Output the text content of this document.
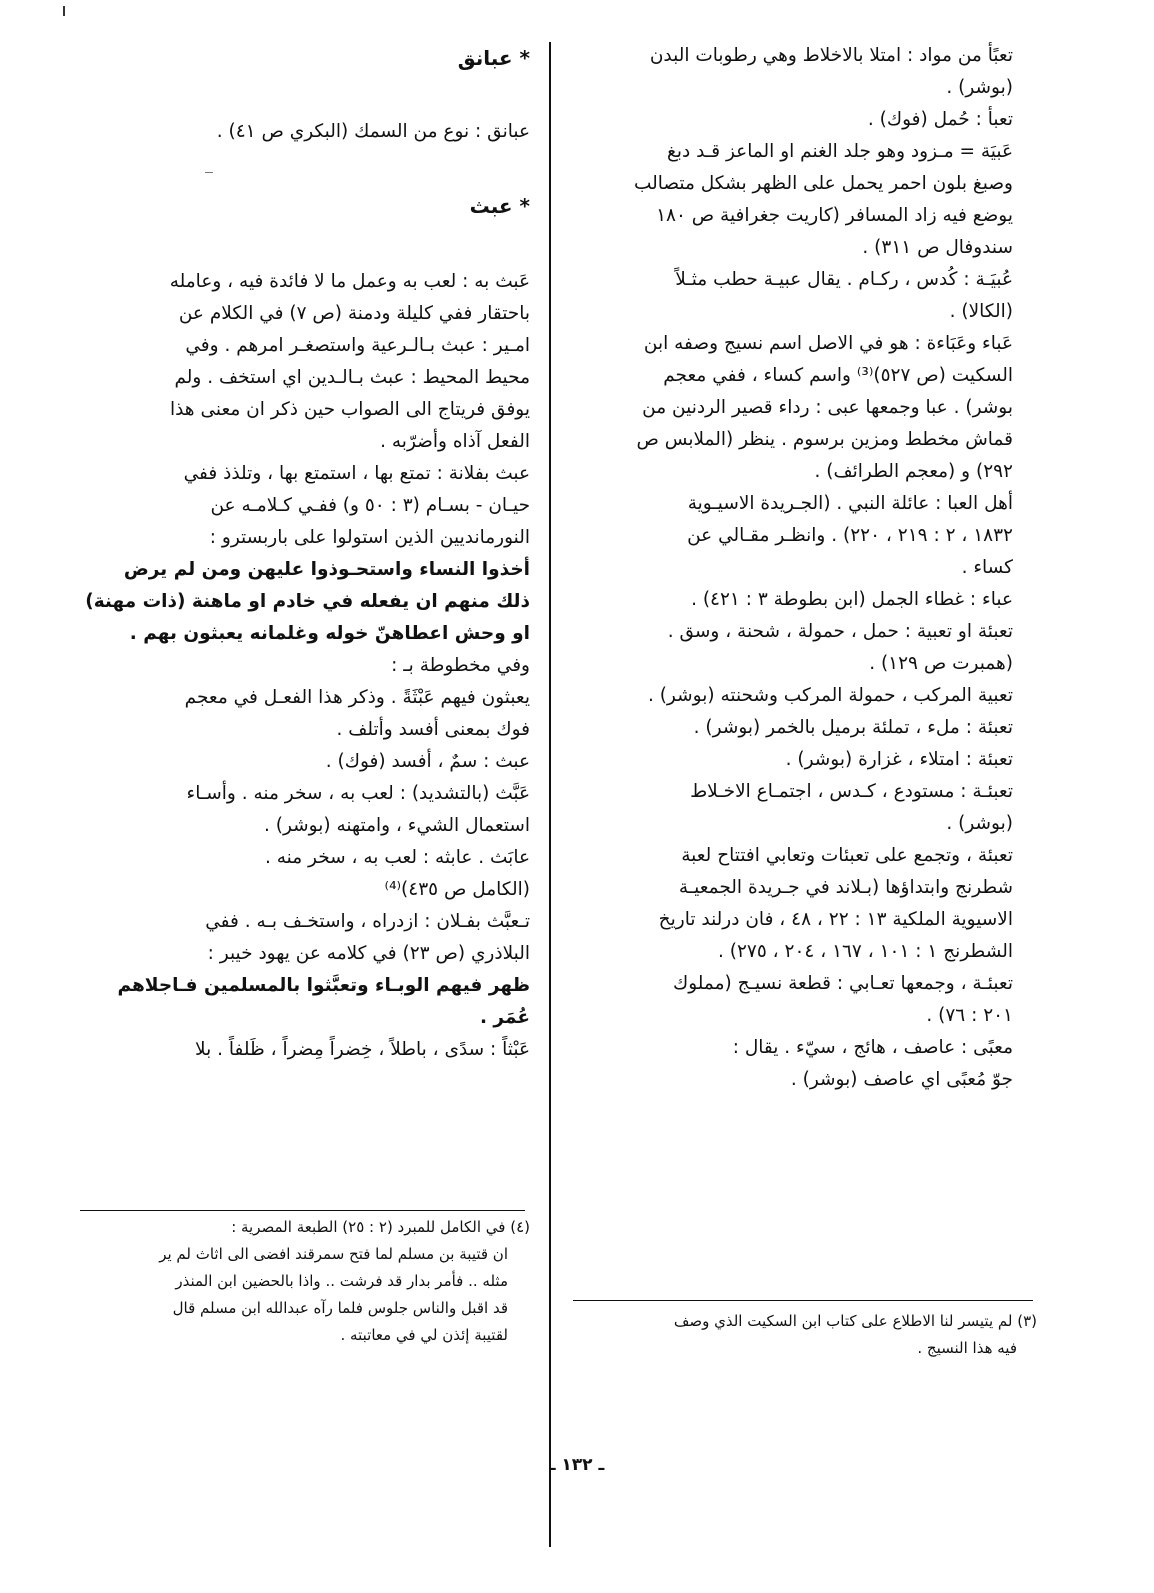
تعبًأ من مواد : امتلا بالاخلاط وهي رطوبات البدن
(بوشر) .
تعبأ : حُمل (فوك) .
عَبيَة = مـزود وهو جلد الغنم او الماعز قـد دبغ
وصبغ بلون احمر يحمل على الظهر بشكل متصالب
يوضع فيه زاد المسافر (كاريت جغرافية ص ١٨٠
سندوفال ص ٣١١) .
عُبيَـة : كُدس ، ركـام . يقال عبيـة حطب مثـلاً
(الكالا) .
عَباء وعَبَاءة : هو في الاصل اسم نسيج وصفه ابن
السكيت (ص ٥٢٧)⁽³⁾ واسم كساء ، ففي معجم
بوشر) . عبا وجمعها عبى : رداء قصير الردنين من
قماش مخطط ومزين برسوم . ينظر (الملابس ص
٢٩٢) و (معجم الطرائف) .
أهل العبا : عائلة النبي . (الجـريدة الاسيـوية
١٨٣٢ ، ٢ : ٢١٩ ، ٢٢٠) . وانظـر مقـالي عن
كساء .
عباء : غطاء الجمل (ابن بطوطة ٣ : ٤٢١) .
تعبئة او تعبية : حمل ، حمولة ، شحنة ، وسق .
(همبرت ص ١٢٩) .
تعبية المركب ، حمولة المركب وشحنته (بوشر) .
تعبئة : ملء ، تملئة برميل بالخمر (بوشر) .
تعبئة : امتلاء ، غزارة (بوشر) .
تعبئـة : مستودع ، كـدس ، اجتمـاع الاخـلاط
(بوشر) .
تعبئة ، وتجمع على تعبئات وتعابي افتتاح لعبة
شطرنج وابتداؤها (بـلاند في جـريدة الجمعيـة
الاسيوية الملكية ١٣ : ٢٢ ، ٤٨ ، فان درلند تاريخ
الشطرنج ١ : ١٠١ ، ١٦٧ ، ٢٠٤ ، ٢٧٥) .
تعبئـة ، وجمعها تعـابي : قطعة نسيـج (مملوك
٢٠١ : ٧٦) .
معبًى : عاصف ، هائج ، سيّء . يقال :
جوّ مُعبًى اي عاصف (بوشر) .
(٣) لم يتيسر لنا الاطلاع على كتاب ابن السكيت الذي وصف
فيه هذا النسيج .
* عبانق
عبانق : نوع من السمك (البكري ص ٤١) .
* عبث
عَبث به : لعب به وعمل ما لا فائدة فيه ، وعامله
باحتقار ففي كليلة ودمنة (ص ٧) في الكلام عن
امـير : عبث بـالـرعية واستصغـر امرهم . وفي
محيط المحيط : عبث بـالـدين اي استخف . ولم
يوفق فريتاج الى الصواب حين ذكر ان معنى هذا
الفعل آذاه وأضرّبه .
عبث بفلانة : تمتع بها ، استمتع بها ، وتلذذ ففي
حيـان - بسـام (٣ : ٥٠ و) ففـي كـلامـه عن
النورمانديين الذين استولوا على باربسترو :
أخذوا النساء واستحـوذوا عليهن ومن لم يرض
ذلك منهم ان يفعله في خادم او ماهنة (ذات مهنة)
او وحش اعطاهنّ خوله وغلمانه يعبثون بهم .
وفي مخطوطة بـ :
يعبثون فيهم عَبْثَةً . وذكر هذا الفعـل في معجم
فوك بمعنى أفسد وأتلف .
عبث : سمٌ ، أفسد (فوك) .
عَبَّث (بالتشديد) : لعب به ، سخر منه . وأسـاء
استعمال الشيء ، وامتهنه (بوشر) .
عابَث . عابثه : لعب به ، سخر منه .
(الكامل ص ٤٣٥)⁽⁴⁾
تـعبَّث بفـلان : ازدراه ، واستخـف بـه . ففي
البلاذري (ص ٢٣) في كلامه عن يهود خيبر :
ظهر فيهم الوبـاء وتعبَّثوا بالمسلمين فـاجلاهم
عُمَر .
عَبْثاً : سدًى ، باطلاً ، خِضراً مِضراً ، ظَلفاً . بلا
(٤) في الكامل للمبرد (٢ : ٢٥) الطبعة المصرية :
ان قتيبة بن مسلم لما فتح سمرقند افضى الى اثاث لم ير
مثله .. فأمر بدار قد فرشت .. واذا بالحضين ابن المنذر
قد اقبل والناس جلوس فلما رآه عبدالله ابن مسلم قال
لقتيبة إئذن لي في معاتبته .
ـ ١٣٢ ـ
